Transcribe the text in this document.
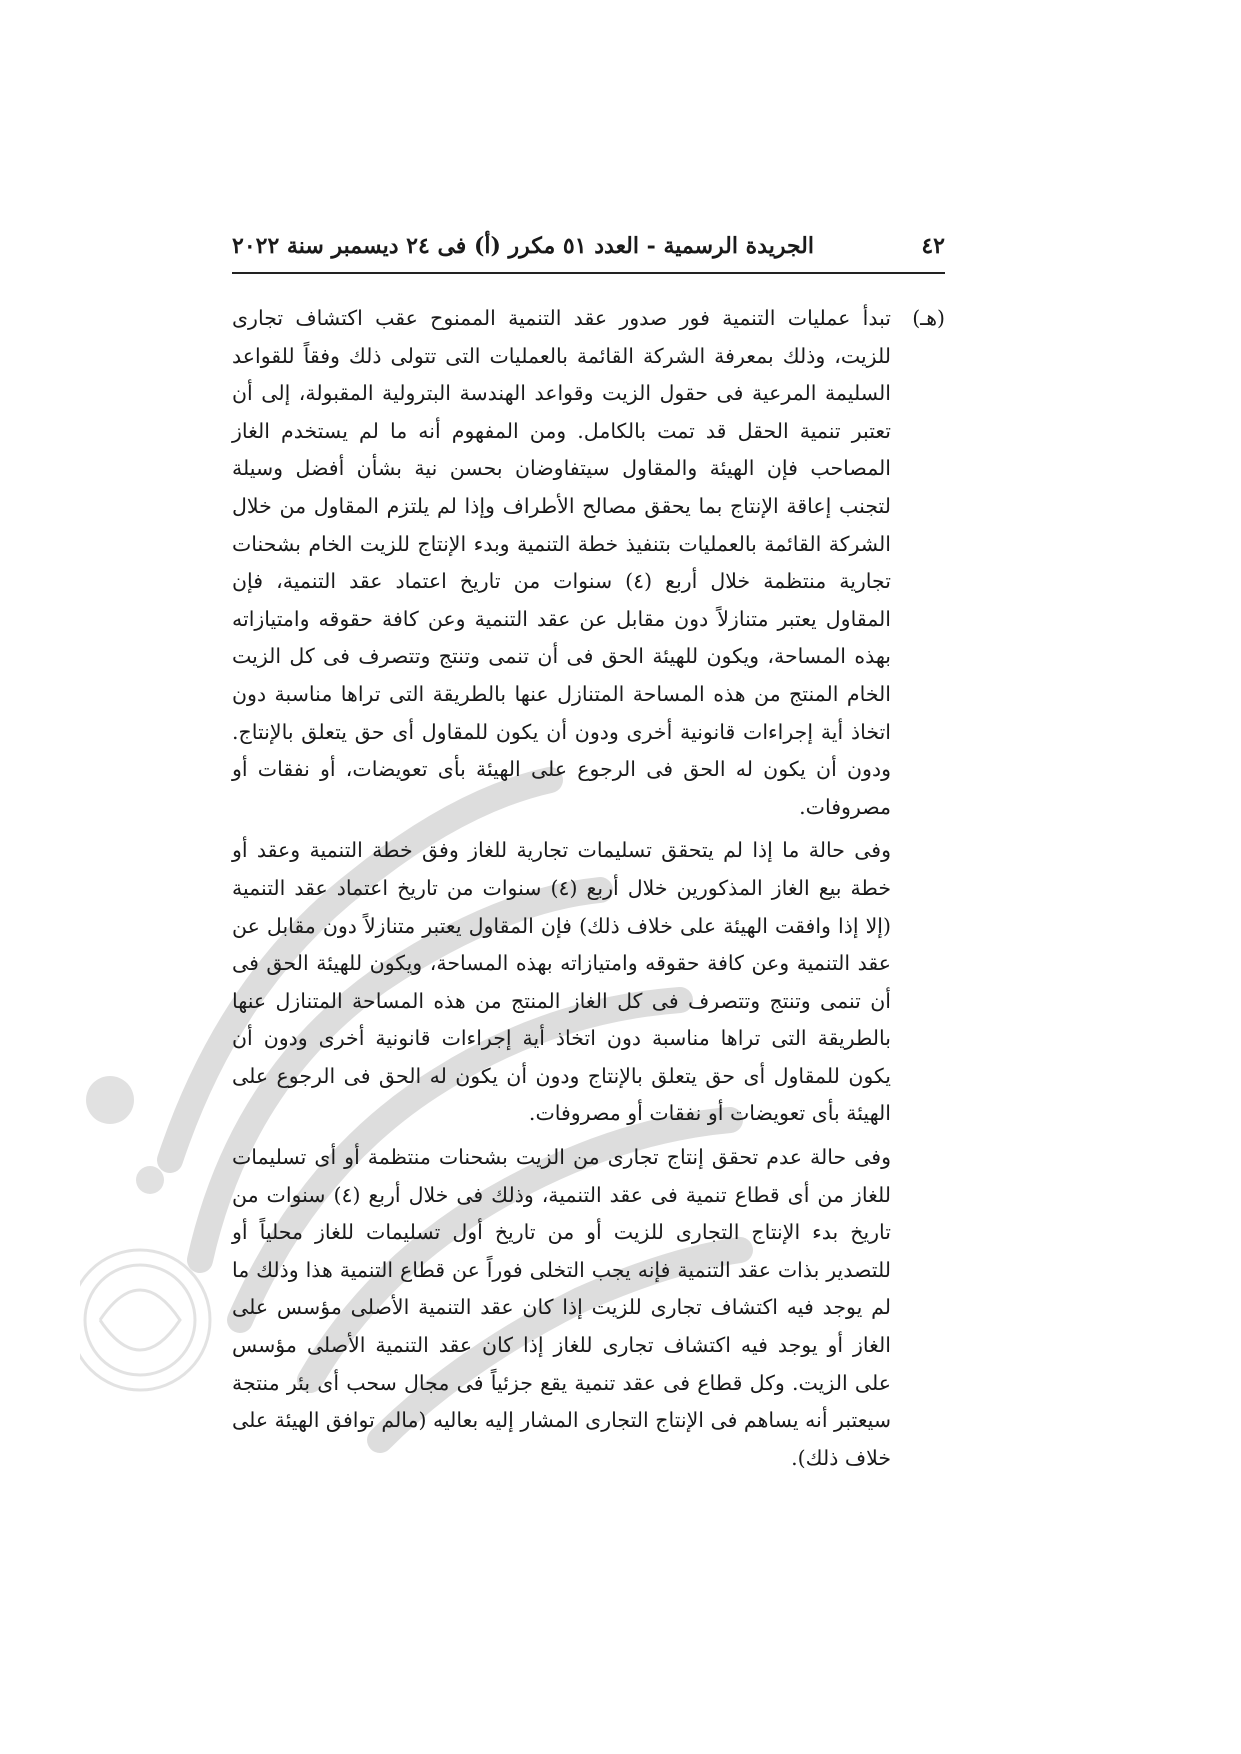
٤٢
الجريدة الرسمية - العدد ٥١ مكرر (أ) فى ٢٤ ديسمبر سنة ٢٠٢٢
(هـ)

تبدأ عمليات التنمية فور صدور عقد التنمية الممنوح عقب اكتشاف تجارى للزيت، وذلك بمعرفة الشركة القائمة بالعمليات التى تتولى ذلك وفقاً للقواعد السليمة المرعية فى حقول الزيت وقواعد الهندسة البترولية المقبولة، إلى أن تعتبر تنمية الحقل قد تمت بالكامل. ومن المفهوم أنه ما لم يستخدم الغاز المصاحب فإن الهيئة والمقاول سيتفاوضان بحسن نية بشأن أفضل وسيلة لتجنب إعاقة الإنتاج بما يحقق مصالح الأطراف وإذا لم يلتزم المقاول من خلال الشركة القائمة بالعمليات بتنفيذ خطة التنمية وبدء الإنتاج للزيت الخام بشحنات تجارية منتظمة خلال أربع (٤) سنوات من تاريخ اعتماد عقد التنمية، فإن المقاول يعتبر متنازلاً دون مقابل عن عقد التنمية وعن كافة حقوقه وامتيازاته بهذه المساحة، ويكون للهيئة الحق فى أن تنمى وتنتج وتتصرف فى كل الزيت الخام المنتج من هذه المساحة المتنازل عنها بالطريقة التى تراها مناسبة دون اتخاذ أية إجراءات قانونية أخرى ودون أن يكون للمقاول أى حق يتعلق بالإنتاج. ودون أن يكون له الحق فى الرجوع على الهيئة بأى تعويضات، أو نفقات أو مصروفات.

وفى حالة ما إذا لم يتحقق تسليمات تجارية للغاز وفق خطة التنمية وعقد أو خطة بيع الغاز المذكورين خلال أربع (٤) سنوات من تاريخ اعتماد عقد التنمية (إلا إذا وافقت الهيئة على خلاف ذلك) فإن المقاول يعتبر متنازلاً دون مقابل عن عقد التنمية وعن كافة حقوقه وامتيازاته بهذه المساحة، ويكون للهيئة الحق فى أن تنمى وتنتج وتتصرف فى كل الغاز المنتج من هذه المساحة المتنازل عنها بالطريقة التى تراها مناسبة دون اتخاذ أية إجراءات قانونية أخرى ودون أن يكون للمقاول أى حق يتعلق بالإنتاج ودون أن يكون له الحق فى الرجوع على الهيئة بأى تعويضات أو نفقات أو مصروفات.

وفى حالة عدم تحقق إنتاج تجارى من الزيت بشحنات منتظمة أو أى تسليمات للغاز من أى قطاع تنمية فى عقد التنمية، وذلك فى خلال أربع (٤) سنوات من تاريخ بدء الإنتاج التجارى للزيت أو من تاريخ أول تسليمات للغاز محلياً أو للتصدير بذات عقد التنمية فإنه يجب التخلى فوراً عن قطاع التنمية هذا وذلك ما لم يوجد فيه اكتشاف تجارى للزيت إذا كان عقد التنمية الأصلى مؤسس على الغاز أو يوجد فيه اكتشاف تجارى للغاز إذا كان عقد التنمية الأصلى مؤسس على الزيت. وكل قطاع فى عقد تنمية يقع جزئياً فى مجال سحب أى بئر منتجة سيعتبر أنه يساهم فى الإنتاج التجارى المشار إليه بعاليه (مالم توافق الهيئة على خلاف ذلك).
